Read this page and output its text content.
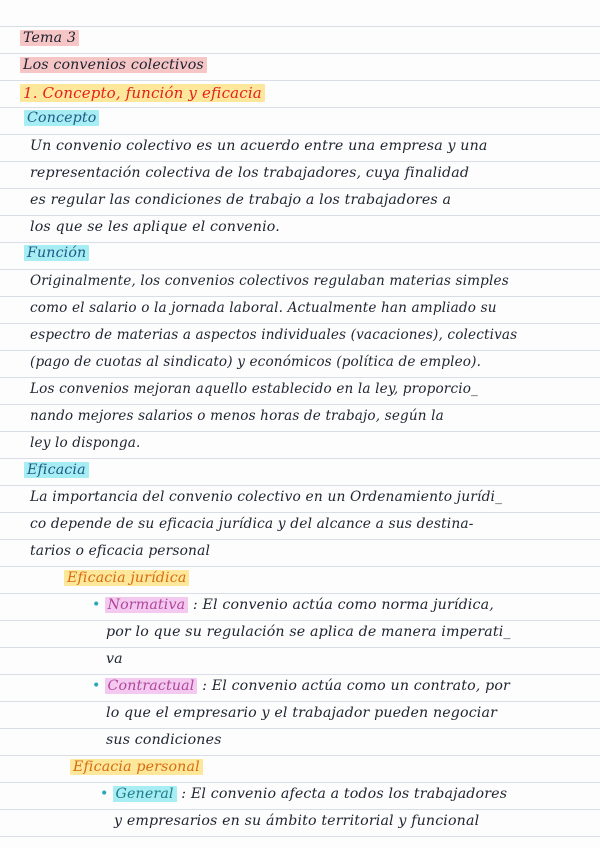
Tema 3
Los convenios colectivos
1. Concepto, función y eficacia
Concepto
Un convenio colectivo es un acuerdo entre una empresa y una
representación colectiva de los trabajadores, cuya finalidad
es regular las condiciones de trabajo a los trabajadores a
los que se les aplique el convenio.
Función
Originalmente, los convenios colectivos regulaban materias simples
como el salario o la jornada laboral. Actualmente han ampliado su
espectro de materias a aspectos individuales (vacaciones), colectivas
(pago de cuotas al sindicato) y económicos (política de empleo).
Los convenios mejoran aquello establecido en la ley, proporcio_
nando mejores salarios o menos horas de trabajo, según la
ley lo disponga.
Eficacia
La importancia del convenio colectivo en un Ordenamiento jurídi_
co depende de su eficacia jurídica y del alcance a sus destina-
tarios o eficacia personal
Eficacia jurídica
• Normativa : El convenio actúa como norma jurídica,
por lo que su regulación se aplica de manera imperati_
va
• Contractual : El convenio actúa como un contrato, por
lo que el empresario y el trabajador pueden negociar
sus condiciones
Eficacia personal
• General : El convenio afecta a todos los trabajadores
y empresarios en su ámbito territorial y funcional
